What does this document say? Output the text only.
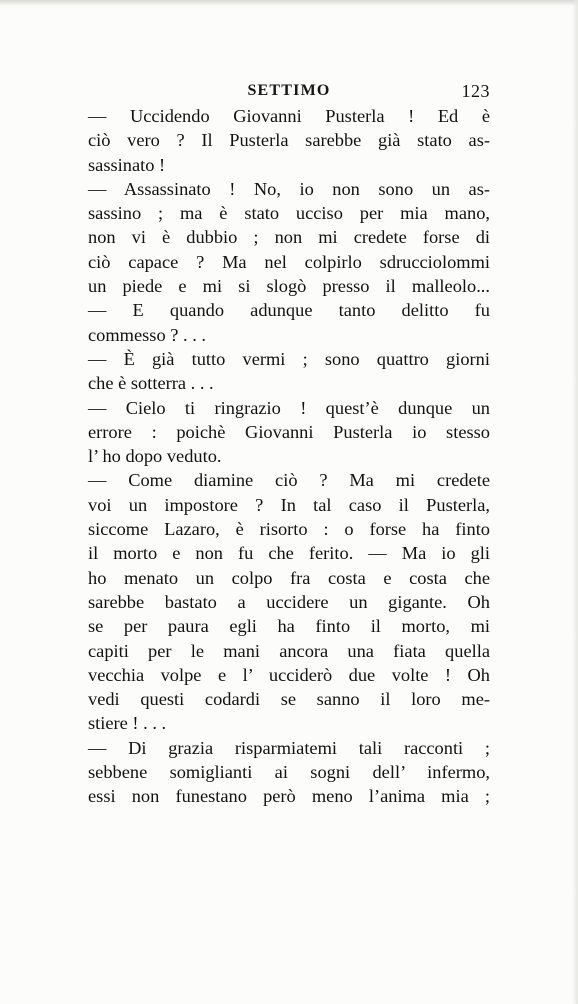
SETTIMO	123
— Uccidendo Giovanni Pusterla ! Ed è
ciò vero ? Il Pusterla sarebbe già stato as-
sassinato !
— Assassinato ! No, io non sono un as-
sassino ; ma è stato ucciso per mia mano,
non vi è dubbio ; non mi credete forse di
ciò capace ? Ma nel colpirlo sdrucciolommi
un piede e mi si slogò presso il malleolo...
— E quando adunque tanto delitto fu
commesso ? . . .
— È già tutto vermi ; sono quattro giorni
che è sotterra . . .
— Cielo ti ringrazio ! quest’è dunque un
errore : poichè Giovanni Pusterla io stesso
l’ ho dopo veduto.
— Come diamine ciò ? Ma mi credete
voi un impostore ? In tal caso il Pusterla,
siccome Lazaro, è risorto : o forse ha finto
il morto e non fu che ferito. — Ma io gli
ho menato un colpo fra costa e costa che
sarebbe bastato a uccidere un gigante. Oh
se per paura egli ha finto il morto, mi
capiti per le mani ancora una fiata quella
vecchia volpe e l’ ucciderò due volte ! Oh
vedi questi codardi se sanno il loro me-
stiere ! . . .
— Di grazia risparmiatemi tali racconti ;
sebbene somiglianti ai sogni dell’ infermo,
essi non funestano però meno l’anima mia ;
